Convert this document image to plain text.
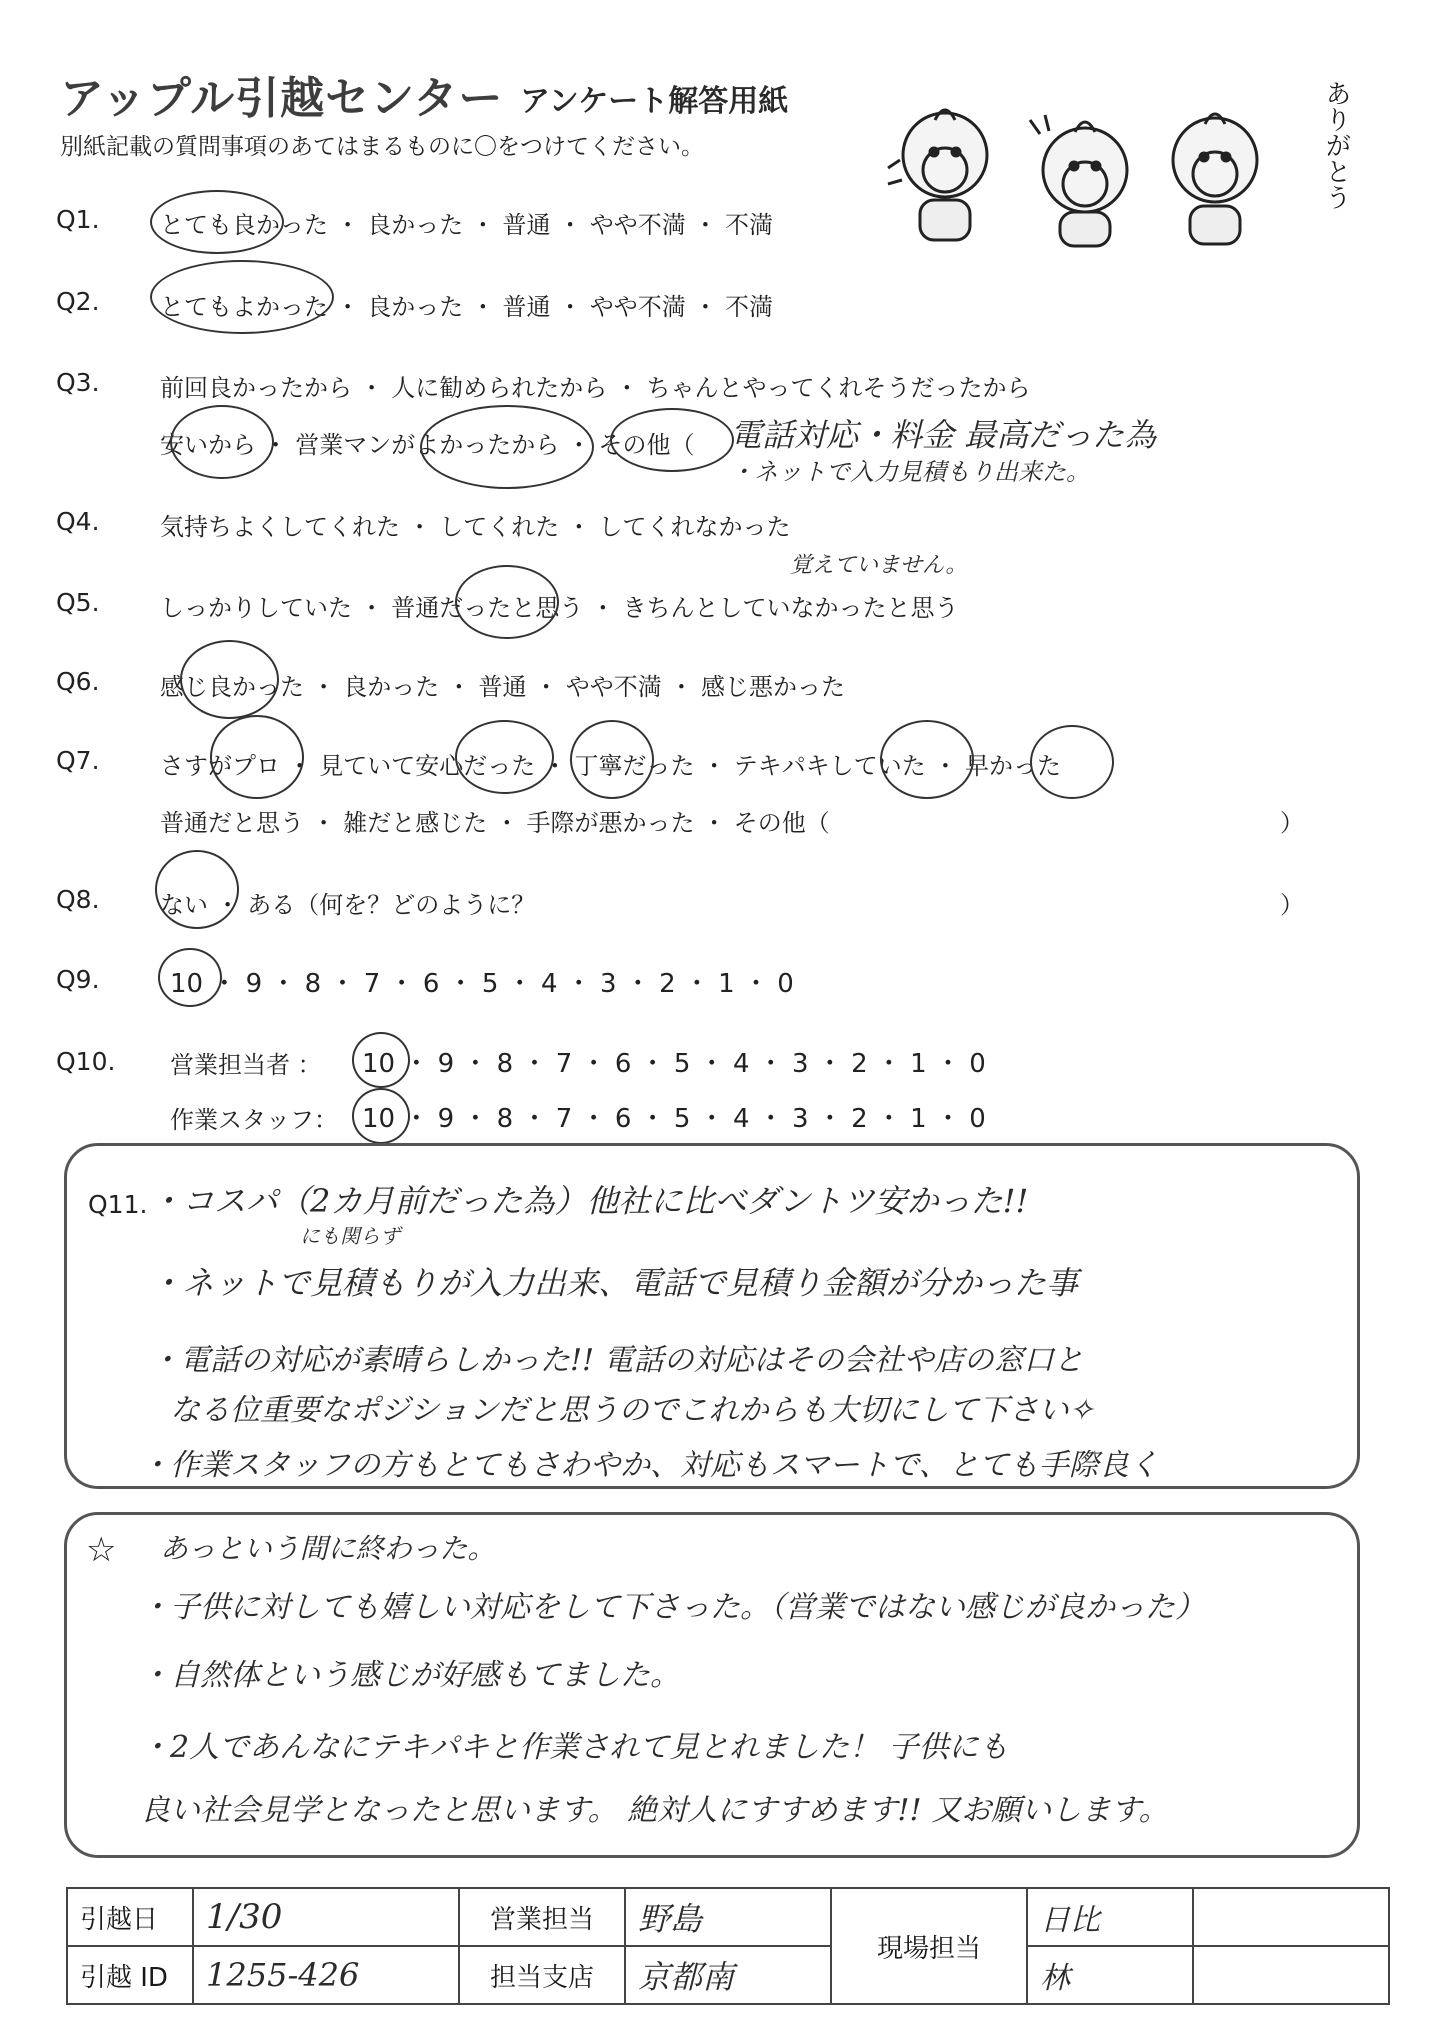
アップル引越センター アンケート解答用紙
別紙記載の質問事項のあてはまるものに〇をつけてください。	ありがとう
Q1.	とても良かった ・ 良かった ・ 普通 ・ やや不満 ・ 不満
Q2.	とてもよかった ・ 良かった ・ 普通 ・ やや不満 ・ 不満
Q3.	前回良かったから ・ 人に勧められたから ・ ちゃんとやってくれそうだったから
安いから ・ 営業マンがよかったから ・ その他（ 電話対応・料金 最高だった為
・ネットで入力見積もり出来た。
Q4.	気持ちよくしてくれた ・ してくれた ・ してくれなかった
覚えていません。
Q5.	しっかりしていた ・ 普通だったと思う ・ きちんとしていなかったと思う
Q6.	感じ良かった ・ 良かった ・ 普通 ・ やや不満 ・ 感じ悪かった
Q7.	さすがプロ ・ 見ていて安心だった ・ 丁寧だった ・ テキパキしていた ・ 早かった
普通だと思う ・ 雑だと感じた ・ 手際が悪かった ・ その他（	）
Q8.	ない ・ ある（何を？どのように？	）
Q9.	10 ・ 9 ・ 8 ・ 7 ・ 6 ・ 5 ・ 4 ・ 3 ・ 2 ・ 1 ・ 0
Q10. 営業担当者 ： 10 ・ 9 ・ 8 ・ 7 ・ 6 ・ 5 ・ 4 ・ 3 ・ 2 ・ 1 ・ 0
作業スタッフ： 10 ・ 9 ・ 8 ・ 7 ・ 6 ・ 5 ・ 4 ・ 3 ・ 2 ・ 1 ・ 0
Q11. ・コスパ（2カ月前だった為）他社に比べダントツ安かった!!
にも関らず
・ネットで見積もりが入力出来、電話で見積り金額が分かった事
・電話の対応が素晴らしかった!! 電話の対応はその会社や店の窓口と
なる位重要なポジションだと思うのでこれからも大切にして下さい✧
・作業スタッフの方もとてもさわやか、対応もスマートで、とても手際良く
☆ あっという間に終わった。
・子供に対しても嬉しい対応をして下さった。（営業ではない感じが良かった）
・自然体という感じが好感もてました。
・2人であんなにテキパキと作業されて見とれました！ 子供にも
良い社会見学となったと思います。 絶対人にすすめます!! 又お願いします。
引越日	1/30	営業担当	野島	現場担当	日比	
引越 ID	1255-426	担当支店	京都南		林	
